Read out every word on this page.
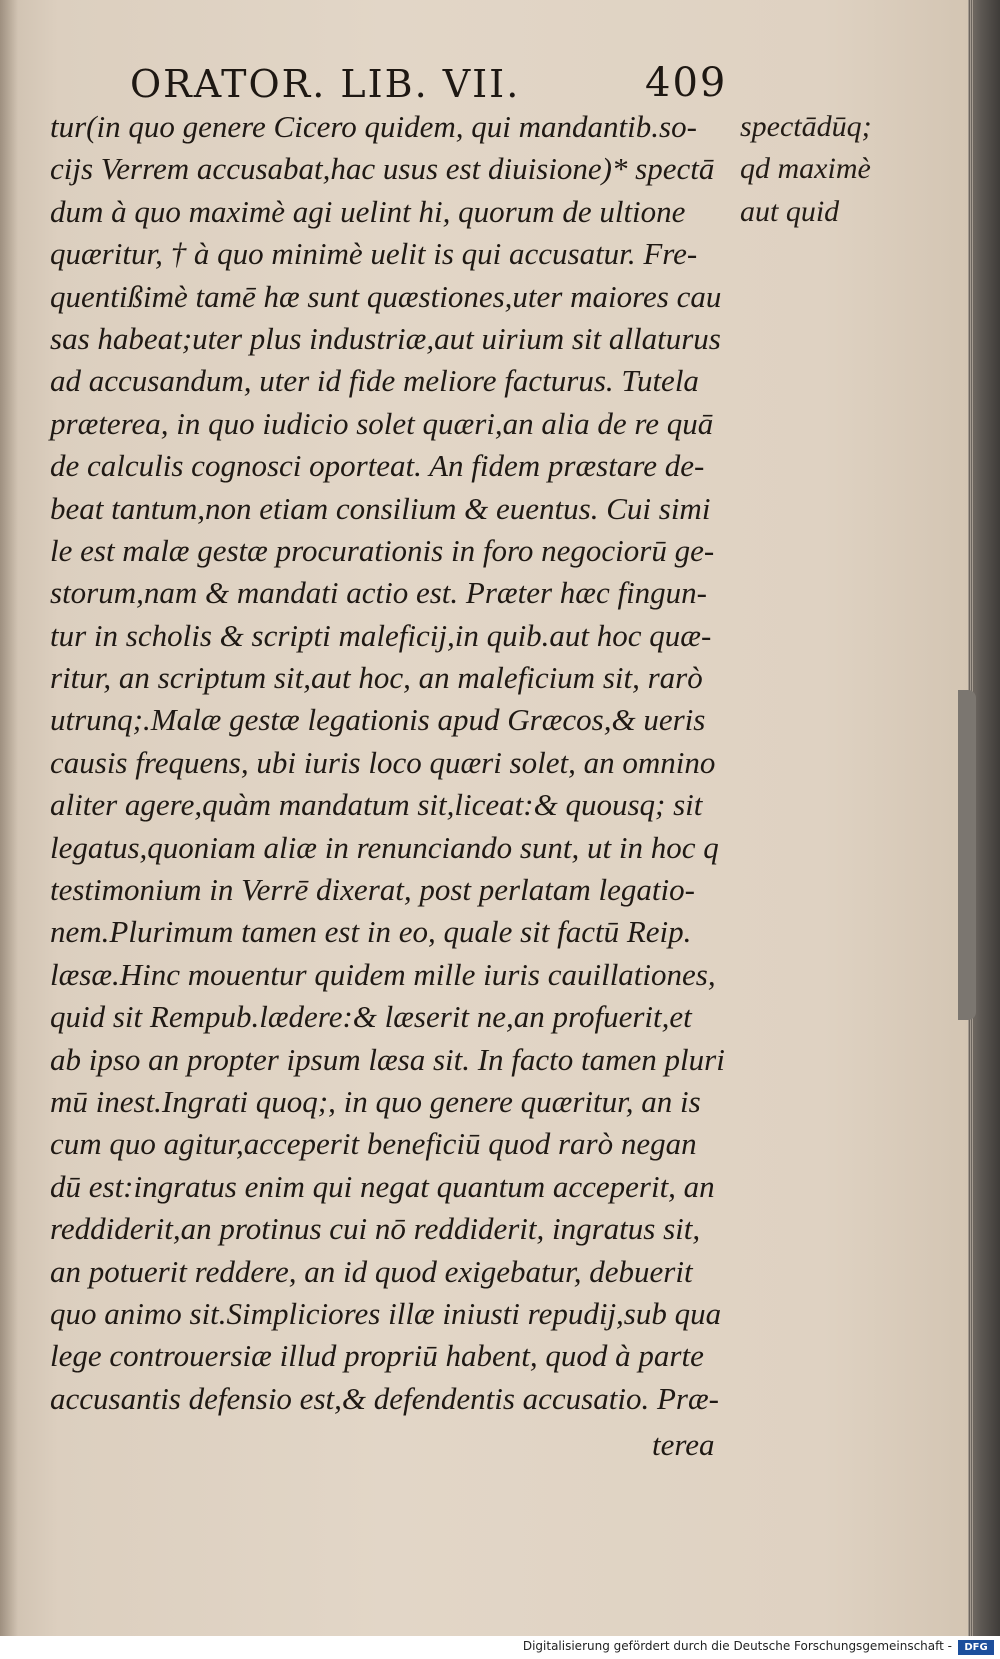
ORATOR. LIB. VII.	409
tur(in quo genere Cicero quidem, qui mandantib.so-
cijs Verrem accusabat,hac usus est diuisione)* spectā
dum à quo maximè agi uelint hi, quorum de ultione
quæritur, † à quo minimè uelit is qui accusatur. Fre-
quentißimè tamē hæ sunt quæstiones,uter maiores cau
sas habeat;uter plus industriæ,aut uirium sit allaturus
ad accusandum, uter id fide meliore facturus. Tutela
præterea, in quo iudicio solet quæri,an alia de re quā
de calculis cognosci oporteat. An fidem præstare de-
beat tantum,non etiam consilium & euentus. Cui simi
le est malæ gestæ procurationis in foro negociorū ge-
storum,nam & mandati actio est. Præter hæc fingun-
tur in scholis & scripti maleficij,in quib.aut hoc quæ-
ritur, an scriptum sit,aut hoc, an maleficium sit, rarò
utrunq;.Malæ gestæ legationis apud Græcos,& ueris
causis frequens, ubi iuris loco quæri solet, an omnino
aliter agere,quàm mandatum sit,liceat:& quousq; sit
legatus,quoniam aliæ in renunciando sunt, ut in hoc q
testimonium in Verrē dixerat, post perlatam legatio-
nem.Plurimum tamen est in eo, quale sit factū Reip.
læsæ.Hinc mouentur quidem mille iuris cauillationes,
quid sit Rempub.lædere:& læserit ne,an profuerit,et
ab ipso an propter ipsum læsa sit. In facto tamen pluri
mū inest.Ingrati quoq;, in quo genere quæritur, an is
cum quo agitur,acceperit beneficiū quod rarò negan
dū est:ingratus enim qui negat quantum acceperit, an
reddiderit,an protinus cui nō reddiderit, ingratus sit,
an potuerit reddere, an id quod exigebatur, debuerit
quo animo sit.Simpliciores illæ iniusti repudij,sub qua
lege controuersiæ illud propriū habent, quod à parte
accusantis defensio est,& defendentis accusatio. Præ-
spectādūq;
qd maximè
aut quid
terea
Digitalisierung gefördert durch die Deutsche Forschungsgemeinschaft -	DFG
